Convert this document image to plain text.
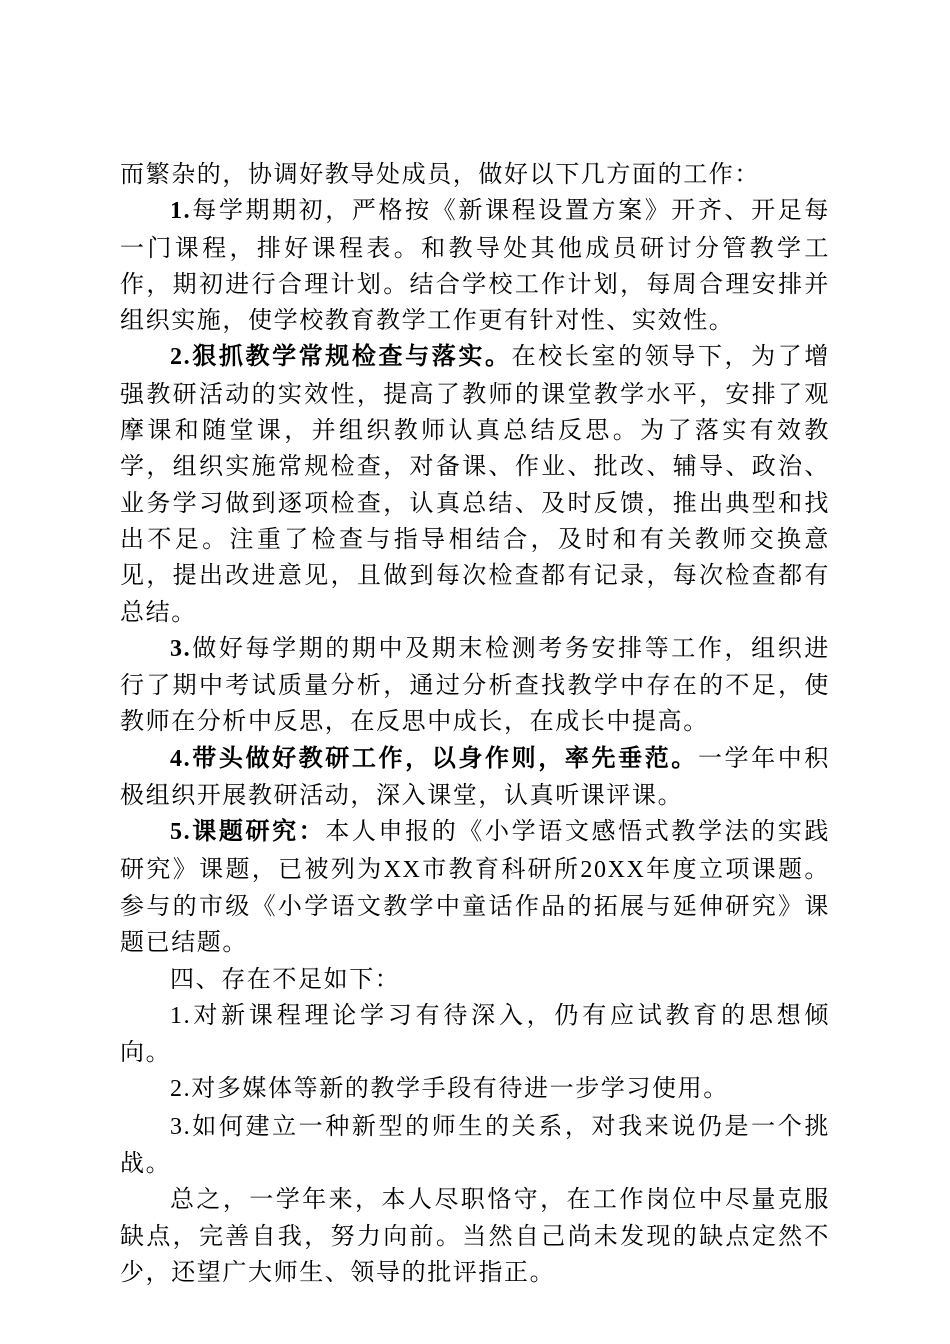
而繁杂的，协调好教导处成员，做好以下几方面的工作：

1.每学期期初，严格按《新课程设置方案》开齐、开足每一门课程，排好课程表。和教导处其他成员研讨分管教学工作，期初进行合理计划。结合学校工作计划，每周合理安排并组织实施，使学校教育教学工作更有针对性、实效性。

2.狠抓教学常规检查与落实。在校长室的领导下，为了增强教研活动的实效性，提高了教师的课堂教学水平，安排了观摩课和随堂课，并组织教师认真总结反思。为了落实有效教学，组织实施常规检查，对备课、作业、批改、辅导、政治、业务学习做到逐项检查，认真总结、及时反馈，推出典型和找出不足。注重了检查与指导相结合，及时和有关教师交换意见，提出改进意见，且做到每次检查都有记录，每次检查都有总结。

3.做好每学期的期中及期末检测考务安排等工作，组织进行了期中考试质量分析，通过分析查找教学中存在的不足，使教师在分析中反思，在反思中成长，在成长中提高。

4.带头做好教研工作，以身作则，率先垂范。一学年中积极组织开展教研活动，深入课堂，认真听课评课。

5.课题研究：本人申报的《小学语文感悟式教学法的实践研究》课题，已被列为XX市教育科研所20XX年度立项课题。参与的市级《小学语文教学中童话作品的拓展与延伸研究》课题已结题。

四、存在不足如下：

1.对新课程理论学习有待深入，仍有应试教育的思想倾向。

2.对多媒体等新的教学手段有待进一步学习使用。

3.如何建立一种新型的师生的关系，对我来说仍是一个挑战。

总之，一学年来，本人尽职恪守，在工作岗位中尽量克服缺点，完善自我，努力向前。当然自己尚未发现的缺点定然不少，还望广大师生、领导的批评指正。
